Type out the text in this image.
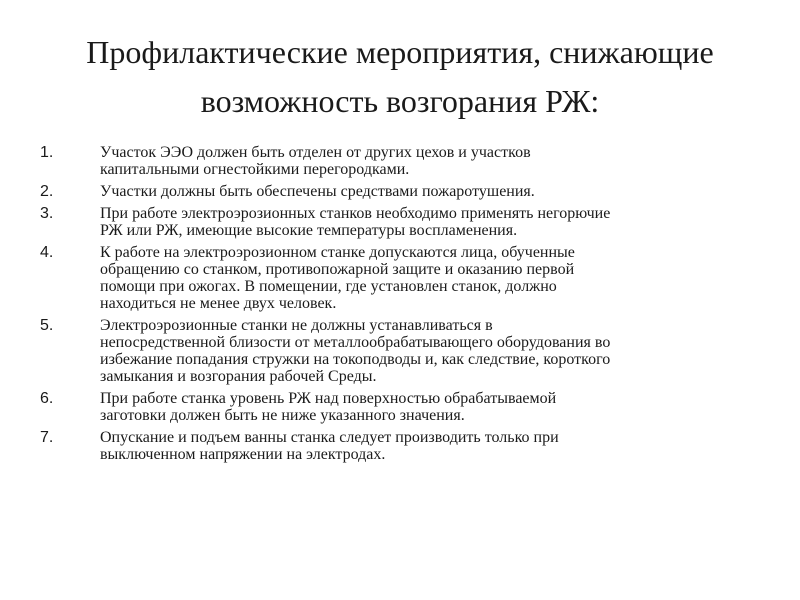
Профилактические мероприятия, снижающие
возможность возгорания РЖ:
1.	Участок ЭЭО должен быть отделен от других цехов и участков
капитальными огнестойкими перегородками.
2.	Участки должны быть обеспечены средствами пожаротушения.
3.	При работе электроэрозионных станков необходимо применять негорючие
РЖ или РЖ, имеющие высокие температуры воспламенения.
4.	К работе на электроэрозионном станке допускаются лица, обученные
обращению со станком, противопожарной защите и оказанию первой
помощи при ожогах. В помещении, где установлен станок, должно
находиться не менее двух человек.
5.	Электроэрозионные станки не должны устанавливаться в
непосредственной близости от металлообрабатывающего оборудования во
избежание попадания стружки на токоподводы и, как следствие, короткого
замыкания и возгорания рабочей Среды.
6.	При работе станка уровень РЖ над поверхностью обрабатываемой
заготовки должен быть не ниже указанного значения.
7.	Опускание и подъем ванны станка следует производить только при
выключенном напряжении на электродах.
